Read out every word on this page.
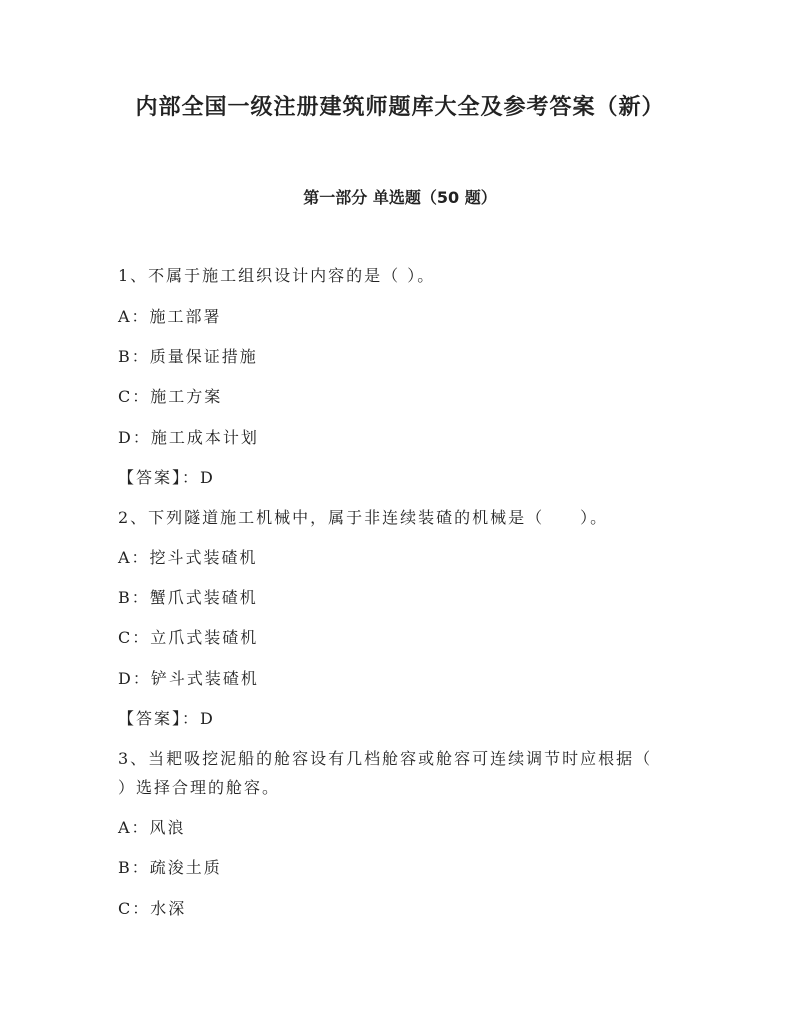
内部全国一级注册建筑师题库大全及参考答案（新）
第一部分 单选题（50 题）
1、不属于施工组织设计内容的是（ ）。
A：施工部署
B：质量保证措施
C：施工方案
D：施工成本计划
【答案】：D
2、下列隧道施工机械中，属于非连续装碴的机械是（　　）。
A：挖斗式装碴机
B：蟹爪式装碴机
C：立爪式装碴机
D：铲斗式装碴机
【答案】：D
3、当耙吸挖泥船的舱容设有几档舱容或舱容可连续调节时应根据（
）选择合理的舱容。
A：风浪
B：疏浚土质
C：水深
